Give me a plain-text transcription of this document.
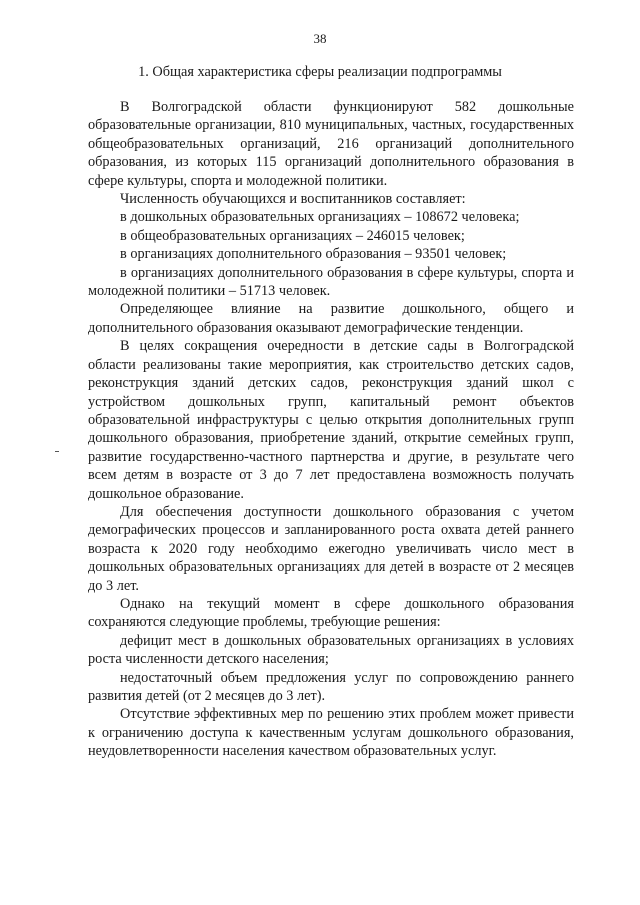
38
1. Общая характеристика сферы реализации подпрограммы

В Волгоградской области функционируют 582 дошкольные образовательные организации, 810 муниципальных, частных, государственных общеобразовательных организаций, 216 организаций дополнительного образования, из которых 115 организаций дополнительного образования в сфере культуры, спорта и молодежной политики.

Численность обучающихся и воспитанников составляет:

в дошкольных образовательных организациях – 108672 человека;

в общеобразовательных организациях – 246015 человек;

в организациях дополнительного образования – 93501 человек;

в организациях дополнительного образования в сфере культуры, спорта и молодежной политики – 51713 человек.

Определяющее влияние на развитие дошкольного, общего и дополнительного образования оказывают демографические тенденции.

В целях сокращения очередности в детские сады в Волгоградской области реализованы такие мероприятия, как строительство детских садов, реконструкция зданий детских садов, реконструкция зданий школ с устройством дошкольных групп, капитальный ремонт объектов образовательной инфраструктуры с целью открытия дополнительных групп дошкольного образования, приобретение зданий, открытие семейных групп, развитие государственно-частного партнерства и другие, в результате чего всем детям в возрасте от 3 до 7 лет предоставлена возможность получать дошкольное образование.

Для обеспечения доступности дошкольного образования с учетом демографических процессов и запланированного роста охвата детей раннего возраста к 2020 году необходимо ежегодно увеличивать число мест в дошкольных образовательных организациях для детей в возрасте от 2 месяцев до 3 лет.

Однако на текущий момент в сфере дошкольного образования сохраняются следующие проблемы, требующие решения:

дефицит мест в дошкольных образовательных организациях в условиях роста численности детского населения;

недостаточный объем предложения услуг по сопровождению раннего развития детей (от 2 месяцев до 3 лет).

Отсутствие эффективных мер по решению этих проблем может привести к ограничению доступа к качественным услугам дошкольного образования, неудовлетворенности населения качеством образовательных услуг.
